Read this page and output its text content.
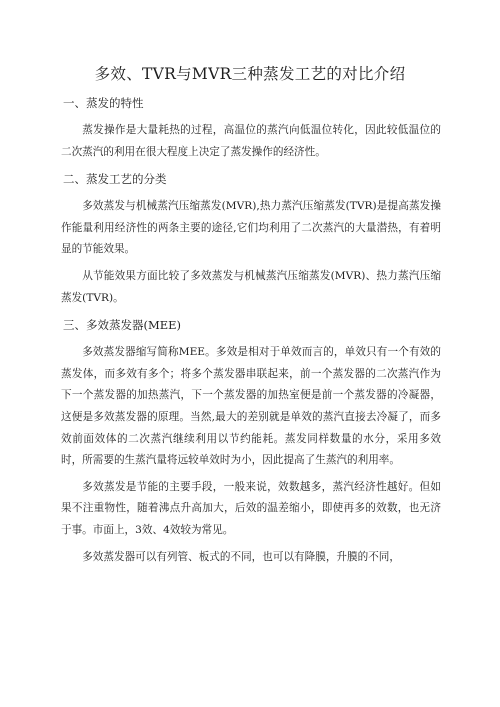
多效、TVR与MVR三种蒸发工艺的对比介绍
一、蒸发的特性

蒸发操作是大量耗热的过程，高温位的蒸汽向低温位转化，因此较低温位的二次蒸汽的利用在很大程度上决定了蒸发操作的经济性。

二、蒸发工艺的分类

多效蒸发与机械蒸汽压缩蒸发(MVR),热力蒸汽压缩蒸发(TVR)是提高蒸发操作能量利用经济性的两条主要的途径,它们均利用了二次蒸汽的大量潜热，有着明显的节能效果。

从节能效果方面比较了多效蒸发与机械蒸汽压缩蒸发(MVR)、热力蒸汽压缩蒸发(TVR)。

三、多效蒸发器(MEE)

多效蒸发器缩写简称MEE。多效是相对于单效而言的，单效只有一个有效的蒸发体，而多效有多个；将多个蒸发器串联起来，前一个蒸发器的二次蒸汽作为下一个蒸发器的加热蒸汽，下一个蒸发器的加热室便是前一个蒸发器的冷凝器，这便是多效蒸发器的原理。当然,最大的差别就是单效的蒸汽直接去冷凝了，而多效前面效体的二次蒸汽继续利用以节约能耗。蒸发同样数量的水分，采用多效时，所需要的生蒸汽量将远较单效时为小，因此提高了生蒸汽的利用率。

多效蒸发是节能的主要手段，一般来说，效数越多，蒸汽经济性越好。但如果不注重物性，随着沸点升高加大，后效的温差缩小，即使再多的效数，也无济于事。市面上，3效、4效较为常见。

多效蒸发器可以有列管、板式的不同，也可以有降膜，升膜的不同，
